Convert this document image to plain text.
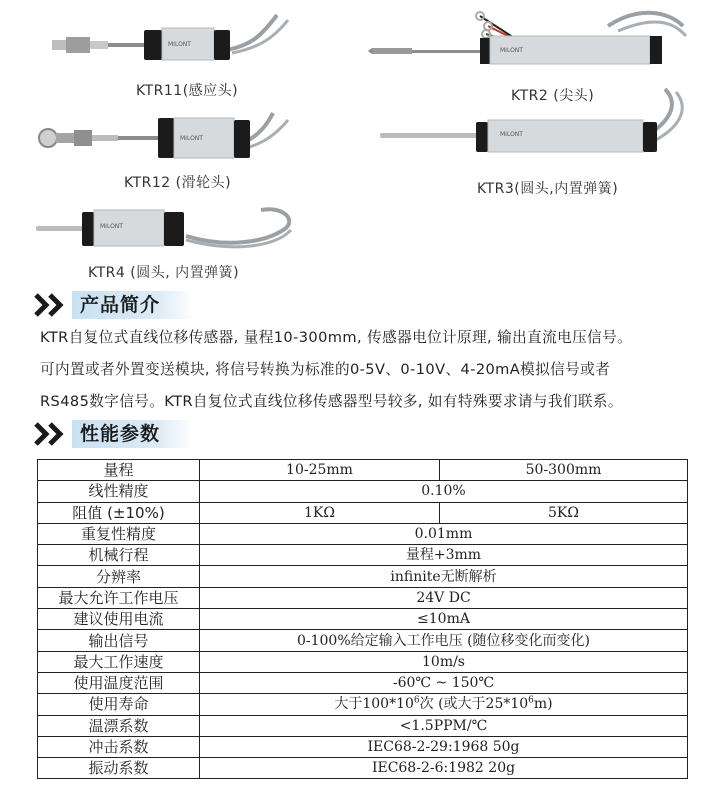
MILONT
KTR11(感应头)
MILONT
KTR2 (尖头)
MILONT
KTR12 (滑轮头)
MILONT
KTR3(圆头,内置弹簧)
MILONT
KTR4 (圆头, 内置弹簧)
产品简介

KTR自复位式直线位移传感器, 量程10-300mm, 传感器电位计原理, 输出直流电压信号。

可内置或者外置变送模块, 将信号转换为标准的0-5V、0-10V、4-20mA模拟信号或者

RS485数字信号。KTR自复位式直线位移传感器型号较多, 如有特殊要求请与我们联系。

性能参数
量程	10-25mm	50-300mm
线性精度	0.10%	
阻值 (±10%)	1KΩ	5KΩ
重复性精度	0.01mm	
机械行程	量程+3mm	
分辨率	infinite无断解析	
最大允许工作电压	24V DC	
建议使用电流	≤10mA	
输出信号	0-100%给定输入工作电压 (随位移变化而变化)	
最大工作速度	10m/s	
使用温度范围	-60℃ ~ 150℃	
使用寿命	大于$100*10^6$次 (或大于$25*10^6m$)	
温漂系数	<1.5PPM/℃	
冲击系数	IEC68-2-29:1968 50g	
振动系数	IEC68-2-6:1982 20g	
